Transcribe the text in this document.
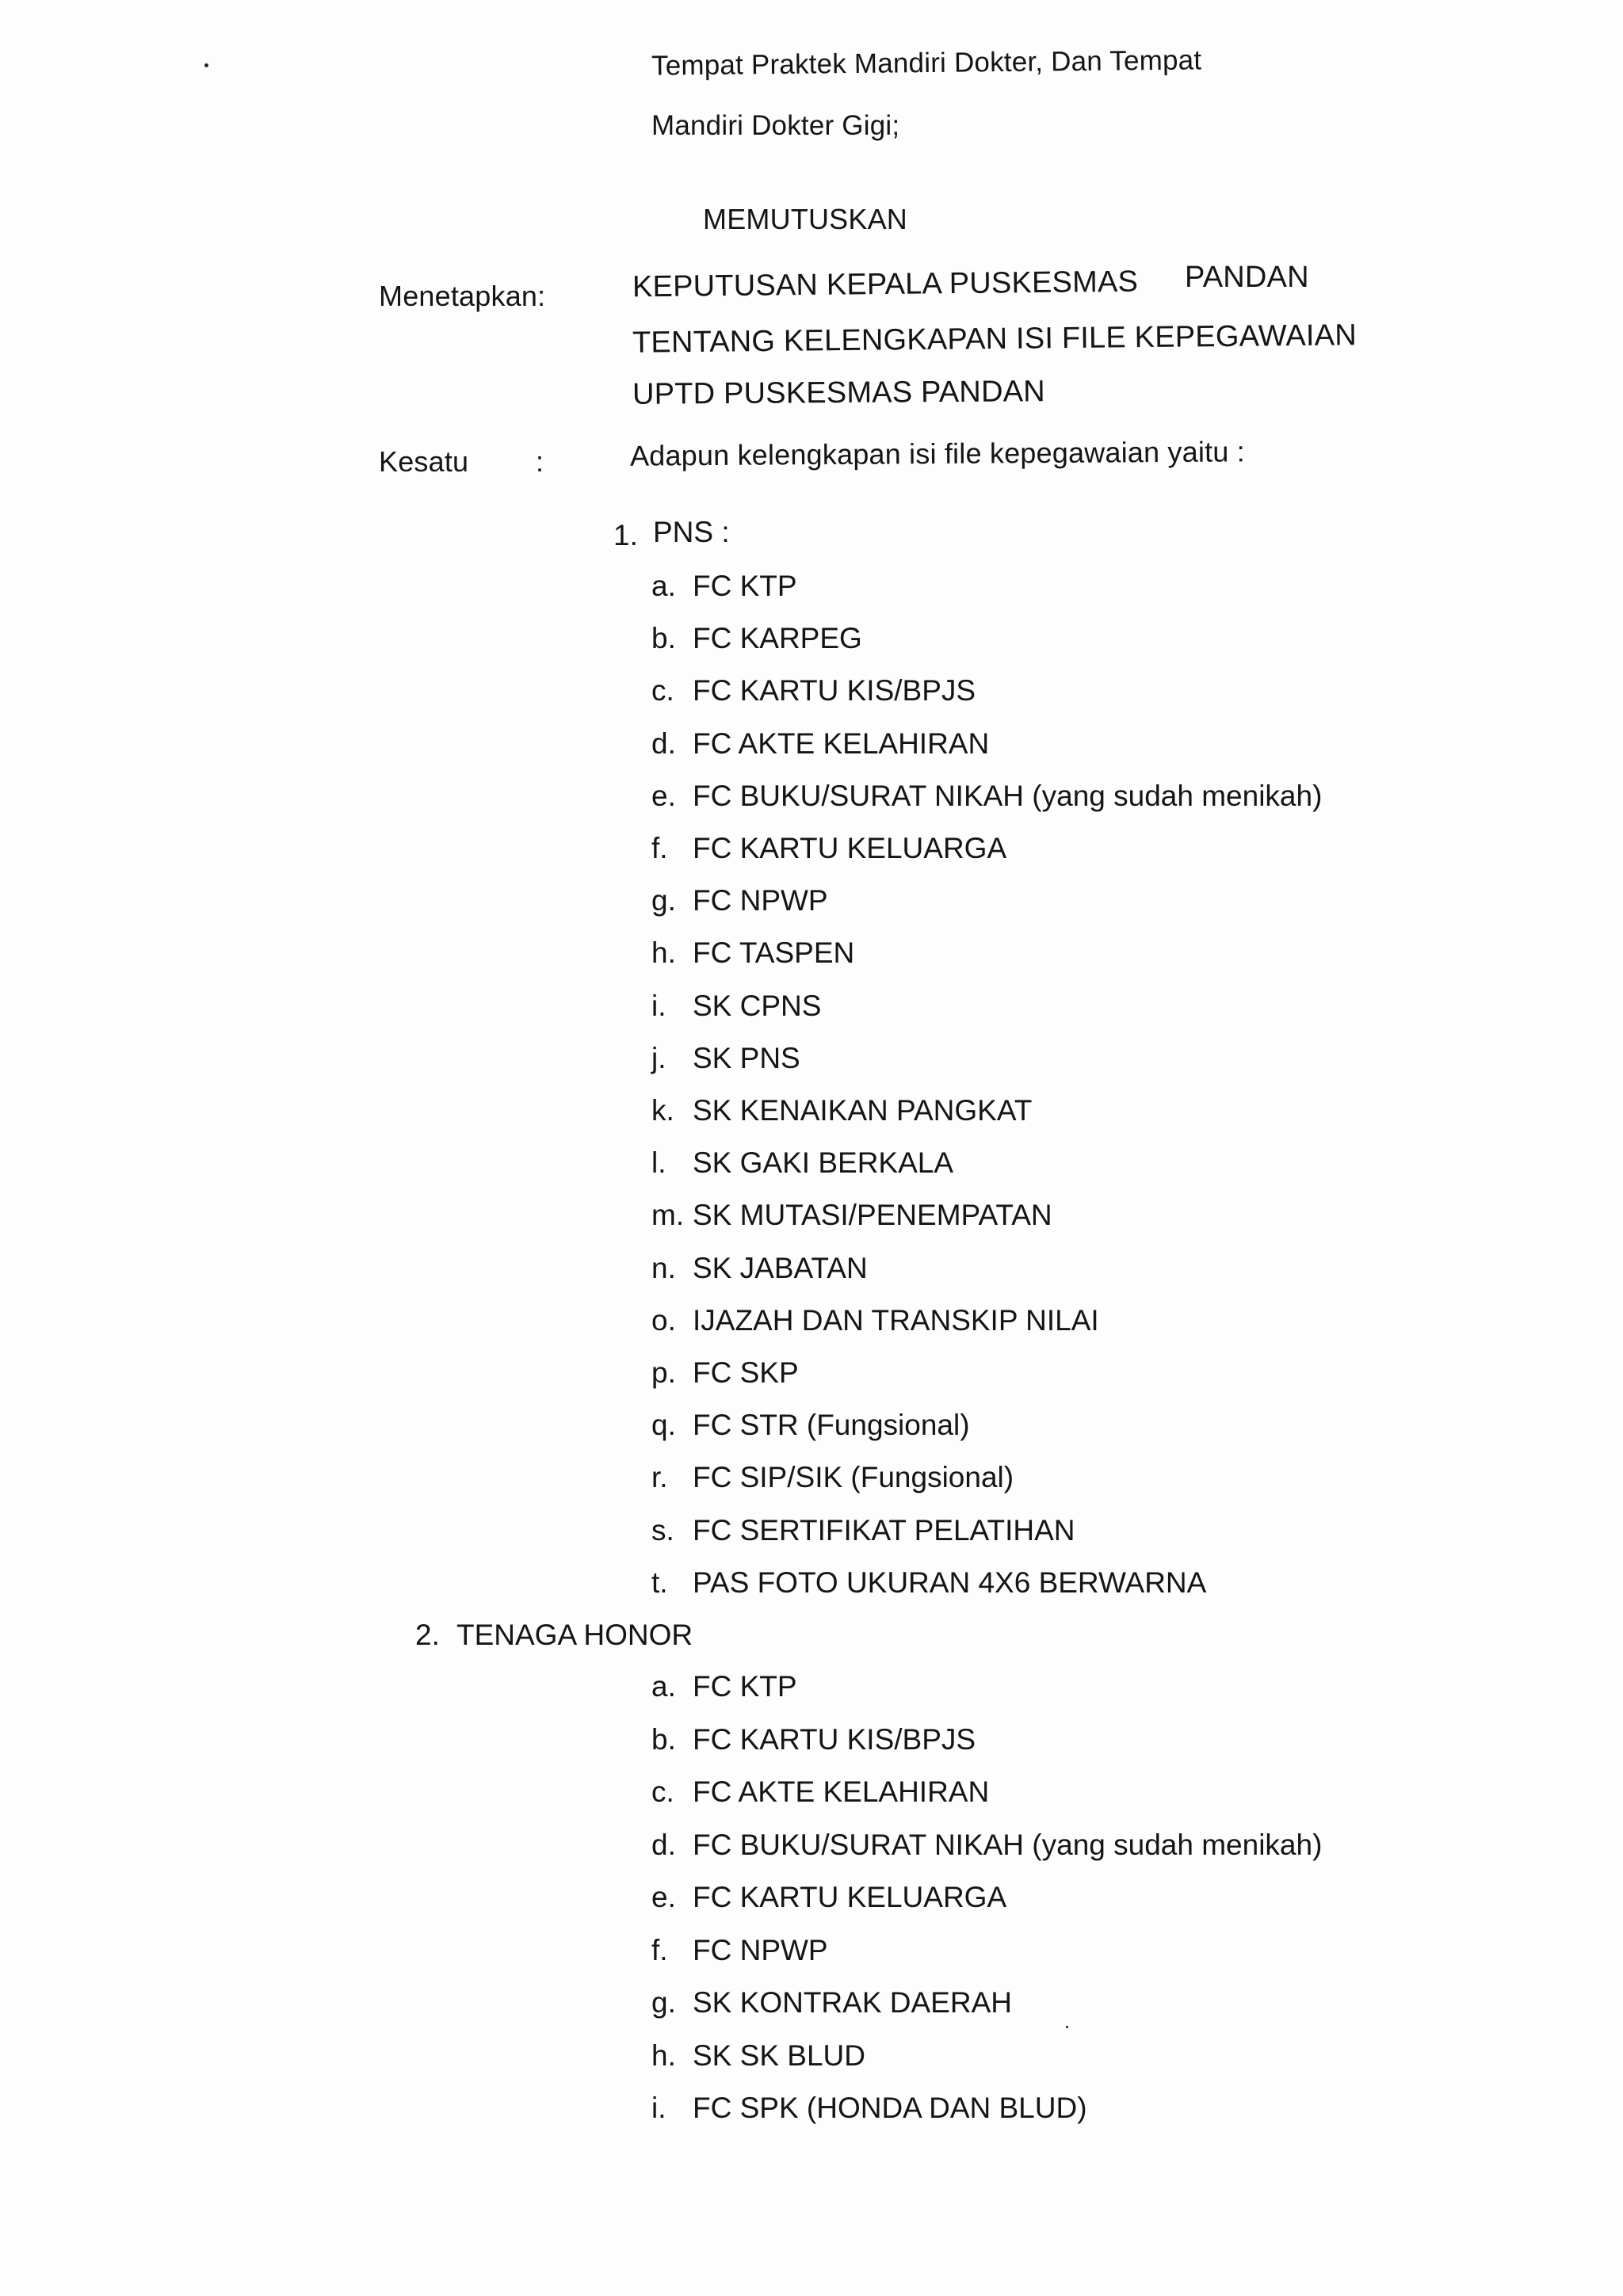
Tempat Praktek Mandiri Dokter, Dan Tempat
Mandiri Dokter Gigi;
MEMUTUSKAN
Menetapkan:	KEPUTUSAN KEPALA PUSKESMAS PANDAN
TENTANG KELENGKAPAN ISI FILE KEPEGAWAIAN
UPTD PUSKESMAS PANDAN
Kesatu :	Adapun kelengkapan isi file kepegawaian yaitu :
1. PNS :
a. FC KTP
b. FC KARPEG
c. FC KARTU KIS/BPJS
d. FC AKTE KELAHIRAN
e. FC BUKU/SURAT NIKAH (yang sudah menikah)
f. FC KARTU KELUARGA
g. FC NPWP
h. FC TASPEN
i. SK CPNS
j. SK PNS
k. SK KENAIKAN PANGKAT
l. SK GAKI BERKALA
m. SK MUTASI/PENEMPATAN
n. SK JABATAN
o. IJAZAH DAN TRANSKIP NILAI
p. FC SKP
q. FC STR (Fungsional)
r. FC SIP/SIK (Fungsional)
s. FC SERTIFIKAT PELATIHAN
t. PAS FOTO UKURAN 4X6 BERWARNA
2. TENAGA HONOR
a. FC KTP
b. FC KARTU KIS/BPJS
c. FC AKTE KELAHIRAN
d. FC BUKU/SURAT NIKAH (yang sudah menikah)
e. FC KARTU KELUARGA
f. FC NPWP
g. SK KONTRAK DAERAH
h. SK SK BLUD
i. FC SPK (HONDA DAN BLUD)
